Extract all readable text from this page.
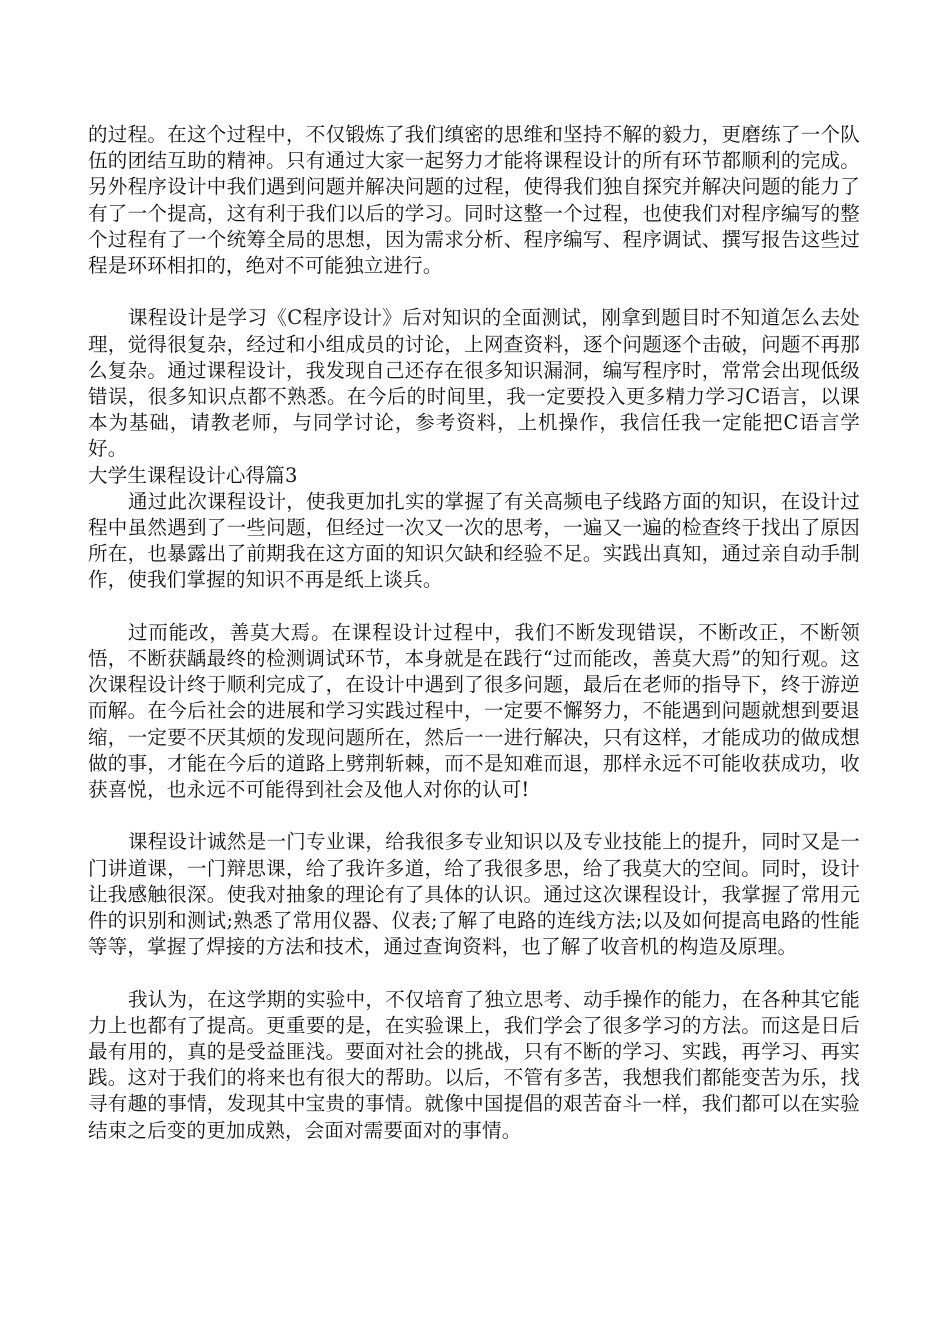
的过程。在这个过程中，不仅锻炼了我们缜密的思维和坚持不解的毅力，更磨练了一个队伍的团结互助的精神。只有通过大家一起努力才能将课程设计的所有环节都顺利的完成。另外程序设计中我们遇到问题并解决问题的过程，使得我们独自探究并解决问题的能力了有了一个提高，这有利于我们以后的学习。同时这整一个过程，也使我们对程序编写的整个过程有了一个统筹全局的思想，因为需求分析、程序编写、程序调试、撰写报告这些过程是环环相扣的，绝对不可能独立进行。

课程设计是学习《C程序设计》后对知识的全面测试，刚拿到题目时不知道怎么去处理，觉得很复杂，经过和小组成员的讨论，上网查资料，逐个问题逐个击破，问题不再那么复杂。通过课程设计，我发现自己还存在很多知识漏洞，编写程序时，常常会出现低级错误，很多知识点都不熟悉。在今后的时间里，我一定要投入更多精力学习C语言，以课本为基础，请教老师，与同学讨论，参考资料，上机操作，我信任我一定能把C语言学好。

大学生课程设计心得篇3

通过此次课程设计，使我更加扎实的掌握了有关高频电子线路方面的知识，在设计过程中虽然遇到了一些问题，但经过一次又一次的思考，一遍又一遍的检查终于找出了原因所在，也暴露出了前期我在这方面的知识欠缺和经验不足。实践出真知，通过亲自动手制作，使我们掌握的知识不再是纸上谈兵。

过而能改，善莫大焉。在课程设计过程中，我们不断发现错误，不断改正，不断领悟，不断获龋最终的检测调试环节，本身就是在践行“过而能改，善莫大焉”的知行观。这次课程设计终于顺利完成了，在设计中遇到了很多问题，最后在老师的指导下，终于游逆而解。在今后社会的进展和学习实践过程中，一定要不懈努力，不能遇到问题就想到要退缩，一定要不厌其烦的发现问题所在，然后一一进行解决，只有这样，才能成功的做成想做的事，才能在今后的道路上劈荆斩棘，而不是知难而退，那样永远不可能收获成功，收获喜悦，也永远不可能得到社会及他人对你的认可!

课程设计诚然是一门专业课，给我很多专业知识以及专业技能上的提升，同时又是一门讲道课，一门辩思课，给了我许多道，给了我很多思，给了我莫大的空间。同时，设计让我感触很深。使我对抽象的理论有了具体的认识。通过这次课程设计，我掌握了常用元件的识别和测试;熟悉了常用仪器、仪表;了解了电路的连线方法;以及如何提高电路的性能等等，掌握了焊接的方法和技术，通过查询资料，也了解了收音机的构造及原理。

我认为，在这学期的实验中，不仅培育了独立思考、动手操作的能力，在各种其它能力上也都有了提高。更重要的是，在实验课上，我们学会了很多学习的方法。而这是日后最有用的，真的是受益匪浅。要面对社会的挑战，只有不断的学习、实践，再学习、再实践。这对于我们的将来也有很大的帮助。以后，不管有多苦，我想我们都能变苦为乐，找寻有趣的事情，发现其中宝贵的事情。就像中国提倡的艰苦奋斗一样，我们都可以在实验结束之后变的更加成熟，会面对需要面对的事情。
